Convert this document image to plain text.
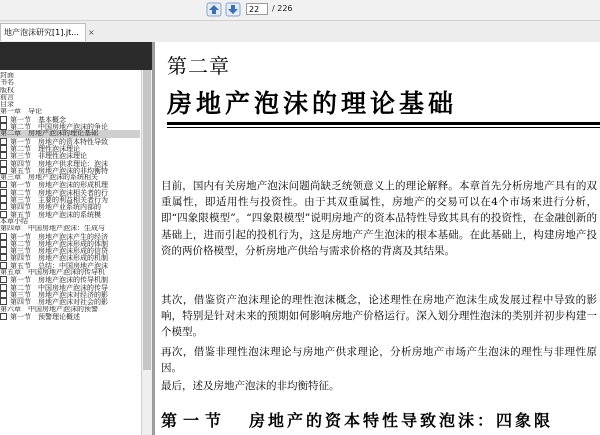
22	/ 226
地产泡沫研究[1].jt...	×
封面
书名
版权
前言
目录
第一章　导论
第一节　基本概念
第二节　中国房地产泡沫的争论
第二章　房地产泡沫的理论基础
第一节　房地产的资本特性导致
第二节　理性泡沫理论
第三节　非理性泡沫理论
第四节　房地产供求理论：泡沫
第五节　房地产泡沫的非均衡特
第三章　房地产泡沫的系统相关
第一节　房地产泡沫的形成机理
第二节　房地产泡沫相关者的行
第三节　主要的利益相关者行为
第四节　房地产业系统内部的
第五节　房地产泡沫的系统模
本章小结
第四章　中国房地产泡沫：生成与
第一节　房地产泡沫产生的经济
第二节　房地产泡沫形成的体制
第三节　房地产泡沫形成的信贷
第四节　房地产泡沫形成的机制
第五节　总结：中国房地产泡沫
第五章　中国房地产泡沫的传导机
第一节　房地产泡沫的传导机制
第二节　中国房地产泡沫的传导
第三节　房地产泡沫对经济的影
第四节　房地产泡沫对社会的影
第六章　中国房地产泡沫的预警
第一节　预警理论概述
第二章
房地产泡沫的理论基础
目前，国内有关房地产泡沫问题尚缺乏统领意义上的理论解释。本章首先分析房地产具有的双重属性，即适用性与投资性。由于其双重属性，房地产的交易可以在4个市场来进行分析，即“四象限模型”。“四象限模型”说明房地产的资本品特性导致其具有的投资性，在金融创新的基础上，进而引起的投机行为，这是房地产产生泡沫的根本基础。在此基础上，构建房地产投资的两价格模型，分析房地产供给与需求价格的背离及其结果。
其次，借鉴资产泡沫理论的理性泡沫概念，论述理性在房地产泡沫生成发展过程中导致的影响，特别是针对未来的预期如何影响房地产价格运行。深入划分理性泡沫的类别并初步构建一个模型。
再次，借鉴非理性泡沫理论与房地产供求理论，分析房地产市场产生泡沫的理性与非理性原因。
最后，述及房地产泡沫的非均衡特征。
第一节 房地产的资本特性导致泡沫：四象限
